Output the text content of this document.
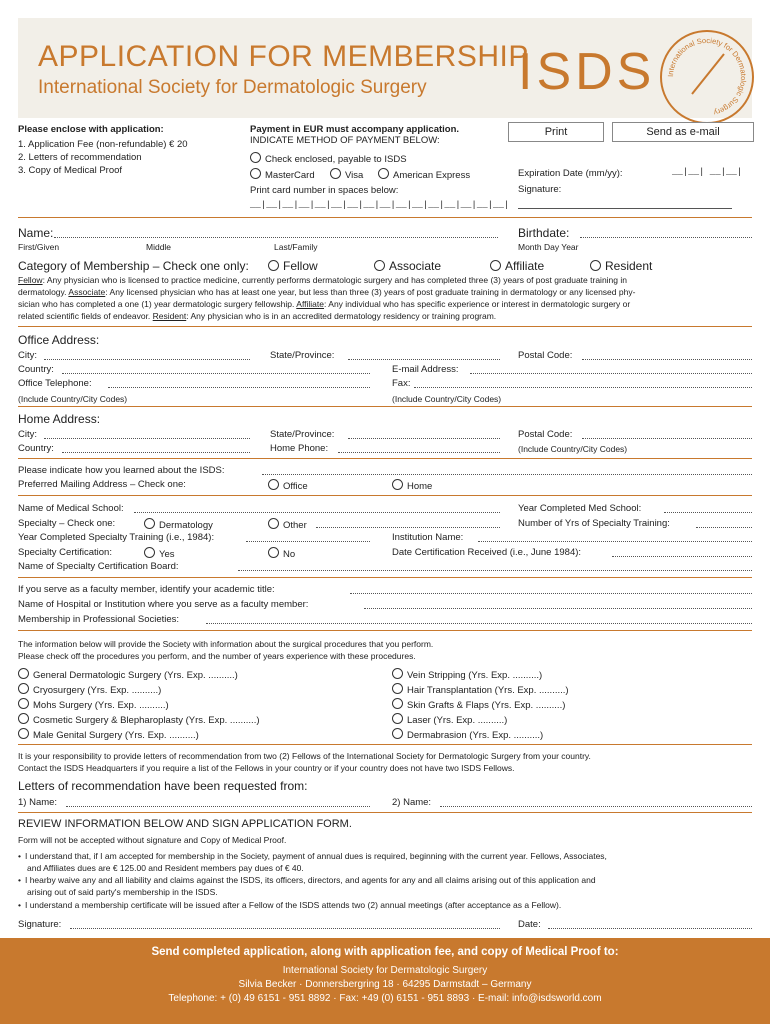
APPLICATION FOR MEMBERSHIP
International Society for Dermatologic Surgery ISDS International Society for Dermatologic Surgery
Please enclose with application:
1. Application Fee (non-refundable) € 20
2. Letters of recommendation
3. Copy of Medical Proof
Payment in EUR must accompany application.
INDICATE METHOD OF PAYMENT BELOW:
Check enclosed, payable to ISDS
MasterCard	Visa	American Express
Print card number in spaces below:
__|__|__|__|__|__|__|__|__|__|__|__|__|__|__|__|
Print	Send as e-mail
Expiration Date (mm/yy):	__|__| __|__|
Signature:
Name:
First/Given	Middle	Last/Family
Birthdate:
Month Day Year
Category of Membership – Check one only:	Fellow	Associate	Affiliate	Resident
Fellow: Any physician who is licensed to practice medicine, currently performs dermatologic surgery and has completed three (3) years of post graduate training in
dermatology. Associate: Any licensed physician who has at least one year, but less than three (3) years of post graduate training in dermatology or any licensed phy-
sician who has completed a one (1) year dermatologic surgery fellowship. Affiliate: Any individual who has specific experience or interest in dermatologic surgery or
related scientific fields of endeavor. Resident: Any physician who is in an accredited dermatology residency or training program.
Office Address:
City:	State/Province:	Postal Code:
Country:	E-mail Address:
Office Telephone:	Fax:
(Include Country/City Codes)	(Include Country/City Codes)
Home Address:
City:	State/Province:	Postal Code:
Country:	Home Phone:	(Include Country/City Codes)
Please indicate how you learned about the ISDS:
Preferred Mailing Address – Check one:	Office	Home
Name of Medical School:	Year Completed Med School:
Specialty – Check one:	Dermatology	Other	Number of Yrs of Specialty Training:
Year Completed Specialty Training (i.e., 1984):	Institution Name:
Specialty Certification:	Yes	No	Date Certification Received (i.e., June 1984):
Name of Specialty Certification Board:
If you serve as a faculty member, identify your academic title:
Name of Hospital or Institution where you serve as a faculty member:
Membership in Professional Societies:
The information below will provide the Society with information about the surgical procedures that you perform.
Please check off the procedures you perform, and the number of years experience with these procedures.
General Dermatologic Surgery (Yrs. Exp. ..........)
Cryosurgery (Yrs. Exp. ..........)
Mohs Surgery (Yrs. Exp. ..........)
Cosmetic Surgery & Blepharoplasty (Yrs. Exp. ..........)
Male Genital Surgery (Yrs. Exp. ..........)
Vein Stripping (Yrs. Exp. ..........)
Hair Transplantation (Yrs. Exp. ..........)
Skin Grafts & Flaps (Yrs. Exp. ..........)
Laser (Yrs. Exp. ..........)
Dermabrasion (Yrs. Exp. ..........)
It is your responsibility to provide letters of recommendation from two (2) Fellows of the International Society for Dermatologic Surgery from your country.
Contact the ISDS Headquarters if you require a list of the Fellows in your country or if your country does not have two ISDS Fellows.
Letters of recommendation have been requested from:
1) Name:	2) Name:
REVIEW INFORMATION BELOW AND SIGN APPLICATION FORM.
Form will not be accepted without signature and Copy of Medical Proof.
• I understand that, if I am accepted for membership in the Society, payment of annual dues is required, beginning with the current year. Fellows, Associates,
and Affiliates dues are € 125.00 and Resident members pay dues of € 40.
• I hearby waive any and all liability and claims against the ISDS, its officers, directors, and agents for any and all claims arising out of this application and
arising out of said party's membership in the ISDS.
• I understand a membership certificate will be issued after a Fellow of the ISDS attends two (2) annual meetings (after acceptance as a Fellow).
Signature:	Date:
Send completed application, along with application fee, and copy of Medical Proof to:
International Society for Dermatologic Surgery
Silvia Becker · Donnersbergring 18 · 64295 Darmstadt – Germany
Telephone: + (0) 49 6151 - 951 8892 · Fax: +49 (0) 6151 - 951 8893 · E-mail: info@isdsworld.com
